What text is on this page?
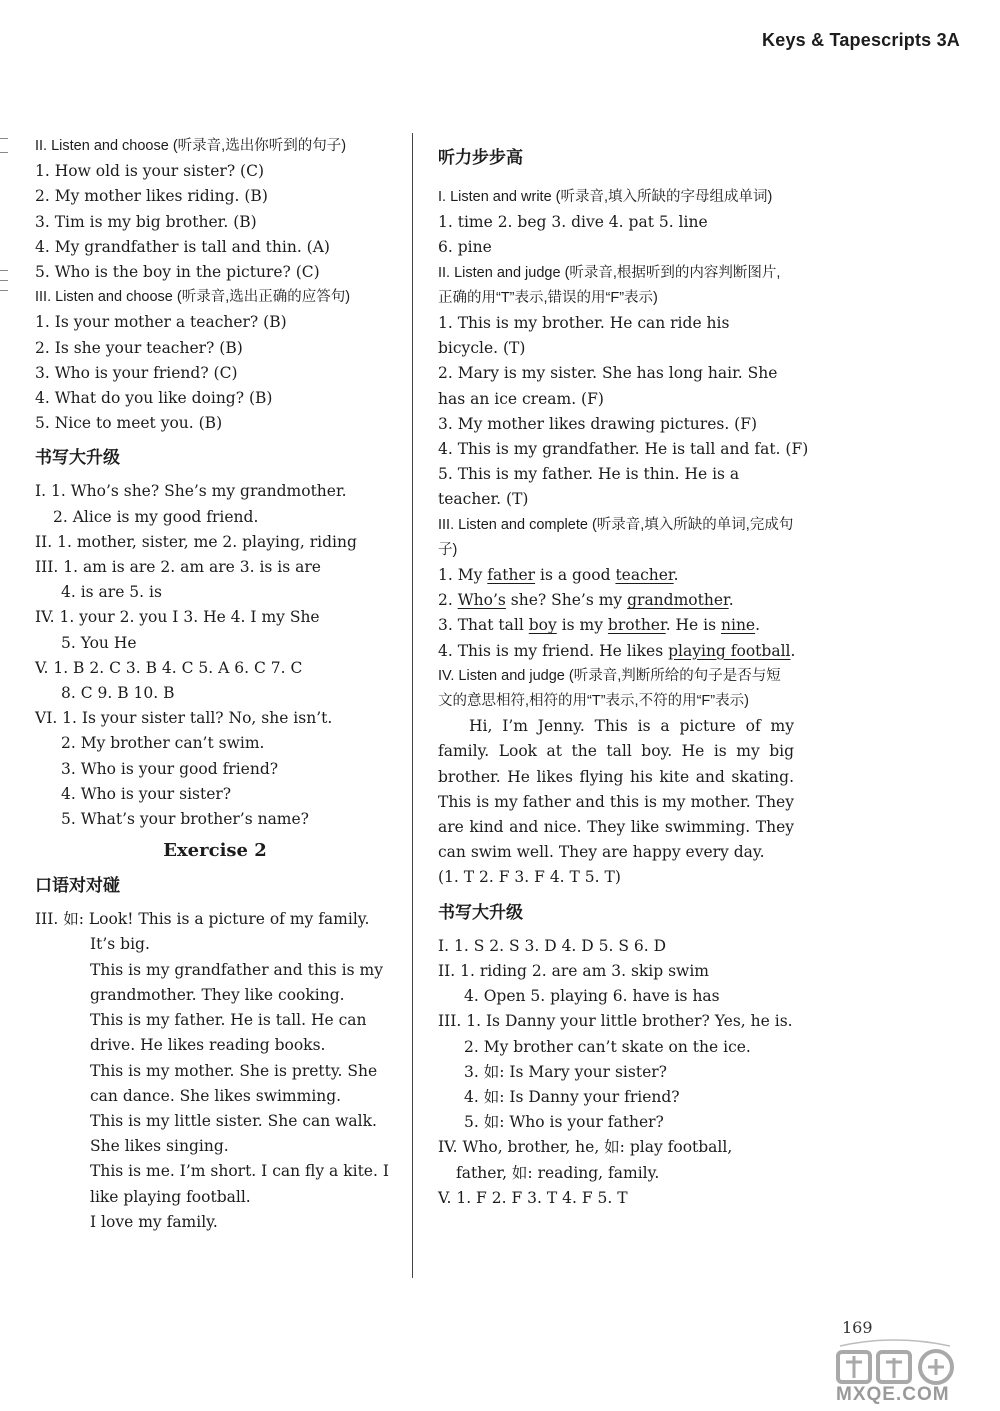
Keys & Tapescripts 3A
II. Listen and choose (听录音,选出你听到的句子)
1. How old is your sister? (C)
2. My mother likes riding. (B)
3. Tim is my big brother. (B)
4. My grandfather is tall and thin. (A)
5. Who is the boy in the picture? (C)
III. Listen and choose (听录音,选出正确的应答句)
1. Is your mother a teacher? (B)
2. Is she your teacher? (B)
3. Who is your friend? (C)
4. What do you like doing? (B)
5. Nice to meet you. (B)
书写大升级
I. 1. Who’s she? She’s my grandmother.
2. Alice is my good friend.
II. 1. mother, sister, me 2. playing, riding
III. 1. am is are 2. am are 3. is is are
4. is are 5. is
IV. 1. your 2. you I 3. He 4. I my She
5. You He
V. 1. B 2. C 3. B 4. C 5. A 6. C 7. C
8. C 9. B 10. B
VI. 1. Is your sister tall? No, she isn’t.
2. My brother can’t swim.
3. Who is your good friend?
4. Who is your sister?
5. What’s your brother’s name?
Exercise 2
口语对对碰
III. 如: Look! This is a picture of my family. It’s big.
This is my grandfather and this is my grandmother. They like cooking.
This is my father. He is tall. He can drive. He likes reading books.
This is my mother. She is pretty. She can dance. She likes swimming.
This is my little sister. She can walk. She likes singing.
This is me. I’m short. I can fly a kite. I like playing football.
I love my family.
听力步步高
I. Listen and write (听录音,填入所缺的字母组成单词)
1. time 2. beg 3. dive 4. pat 5. line
6. pine
II. Listen and judge (听录音,根据听到的内容判断图片,正确的用“T”表示,错误的用“F”表示)
1. This is my brother. He can ride his bicycle. (T)
2. Mary is my sister. She has long hair. She has an ice cream. (F)
3. My mother likes drawing pictures. (F)
4. This is my grandfather. He is tall and fat. (F)
5. This is my father. He is thin. He is a teacher. (T)
III. Listen and complete (听录音,填入所缺的单词,完成句子)
1. My father is a good teacher.
2. Who’s she? She’s my grandmother.
3. That tall boy is my brother. He is nine.
4. This is my friend. He likes playing football.
IV. Listen and judge (听录音,判断所给的句子是否与短文的意思相符,相符的用“T”表示,不符的用“F”表示)
Hi, I’m Jenny. This is a picture of my family. Look at the tall boy. He is my big brother. He likes flying his kite and skating. This is my father and this is my mother. They are kind and nice. They like swimming. They can swim well. They are happy every day.
(1. T 2. F 3. F 4. T 5. T)
书写大升级
I. 1. S 2. S 3. D 4. D 5. S 6. D
II. 1. riding 2. are am 3. skip swim
4. Open 5. playing 6. have is has
III. 1. Is Danny your little brother? Yes, he is.
2. My brother can’t skate on the ice.
3. 如: Is Mary your sister?
4. 如: Is Danny your friend?
5. 如: Who is your father?
IV. Who, brother, he, 如: play football,
father, 如: reading, family.
V. 1. F 2. F 3. T 4. F 5. T
169
MXQE.COM
